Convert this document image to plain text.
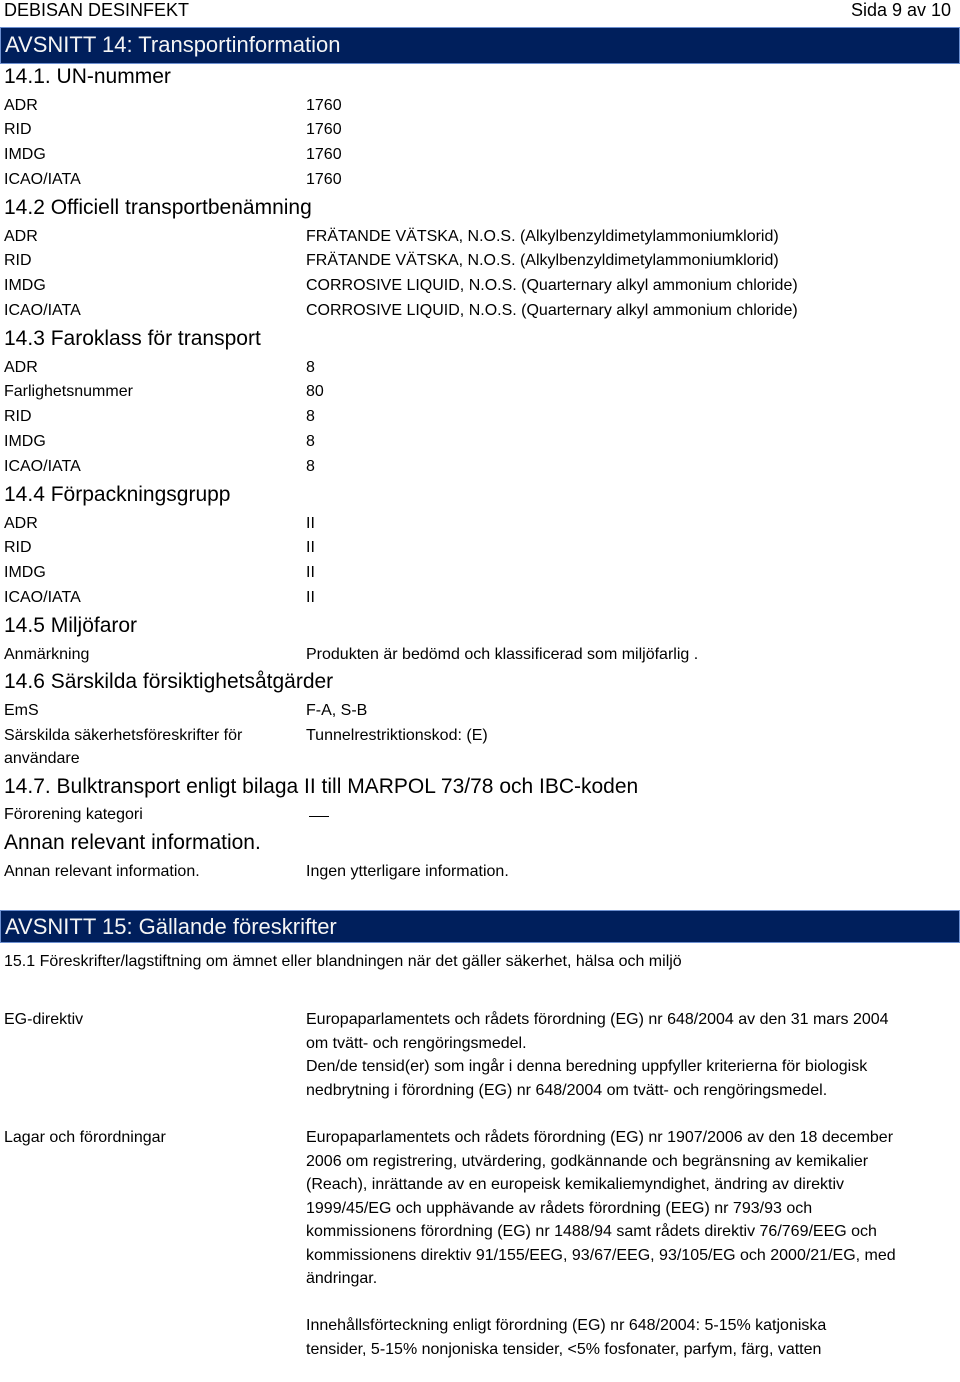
DEBISAN DESINFEKT	Sida 9 av 10
AVSNITT 14: Transportinformation
14.1. UN-nummer
ADR	1760
RID	1760
IMDG	1760
ICAO/IATA	1760
14.2 Officiell transportbenämning
ADR	FRÄTANDE VÄTSKA, N.O.S. (Alkylbenzyldimetylammoniumklorid)
RID	FRÄTANDE VÄTSKA, N.O.S. (Alkylbenzyldimetylammoniumklorid)
IMDG	CORROSIVE LIQUID, N.O.S. (Quarternary alkyl ammonium chloride)
ICAO/IATA	CORROSIVE LIQUID, N.O.S. (Quarternary alkyl ammonium chloride)
14.3 Faroklass för transport
ADR	8
Farlighetsnummer	80
RID	8
IMDG	8
ICAO/IATA	8
14.4 Förpackningsgrupp
ADR	II
RID	II
IMDG	II
ICAO/IATA	II
14.5 Miljöfaror
Anmärkning	Produkten är bedömd och klassificerad som miljöfarlig .
14.6 Särskilda försiktighetsåtgärder
EmS	F-A, S-B
Särskilda säkerhetsföreskrifter för	Tunnelrestriktionskod: (E)
användare
14.7. Bulktransport enligt bilaga II till MARPOL 73/78 och IBC-koden
Förorening kategori
Annan relevant information.
Annan relevant information.	Ingen ytterligare information.
AVSNITT 15: Gällande föreskrifter
15.1 Föreskrifter/lagstiftning om ämnet eller blandningen när det gäller säkerhet, hälsa och miljö
EG-direktiv	Europaparlamentets och rådets förordning (EG) nr 648/2004 av den 31 mars 2004 om tvätt- och rengöringsmedel.
Den/de tensid(er) som ingår i denna beredning uppfyller kriterierna för biologisk nedbrytning i förordning (EG) nr 648/2004 om tvätt- och rengöringsmedel.
Lagar och förordningar	Europaparlamentets och rådets förordning (EG) nr 1907/2006 av den 18 december 2006 om registrering, utvärdering, godkännande och begränsning av kemikalier (Reach), inrättande av en europeisk kemikaliemyndighet, ändring av direktiv 1999/45/EG och upphävande av rådets förordning (EEG) nr 793/93 och kommissionens förordning (EG) nr 1488/94 samt rådets direktiv 76/769/EEG och kommissionens direktiv 91/155/EEG, 93/67/EEG, 93/105/EG och 2000/21/EG, med ändringar.
Innehållsförteckning enligt förordning (EG) nr 648/2004: 5-15% katjoniska tensider, 5-15% nonjoniska tensider, <5% fosfonater, parfym, färg, vatten
